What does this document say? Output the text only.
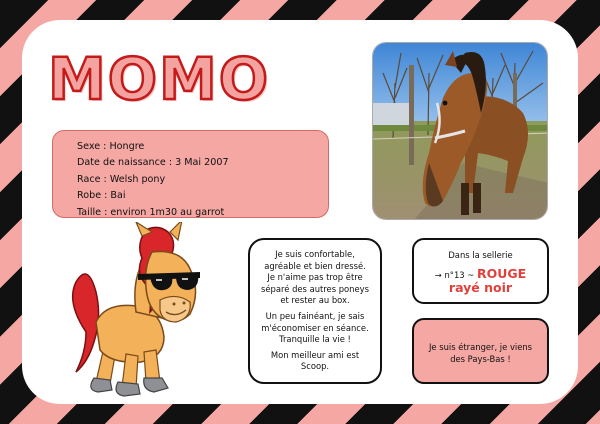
MOMO
Sexe : Hongre
Date de naissance : 3 Mai 2007
Race : Welsh pony
Robe : Bai
Taille : environ 1m30 au garrot

Je suis confortable,
agréable et bien dressé.
Je n'aime pas trop être
séparé des autres poneys
et rester au box.

Un peu fainéant, je sais
m'économiser en séance.
Tranquille la vie !

Mon meilleur ami est
Scoop.

Dans la sellerie
→ n°13 ~ ROUGE
rayé noir
Je suis étranger, je viens
des Pays-Bas !
